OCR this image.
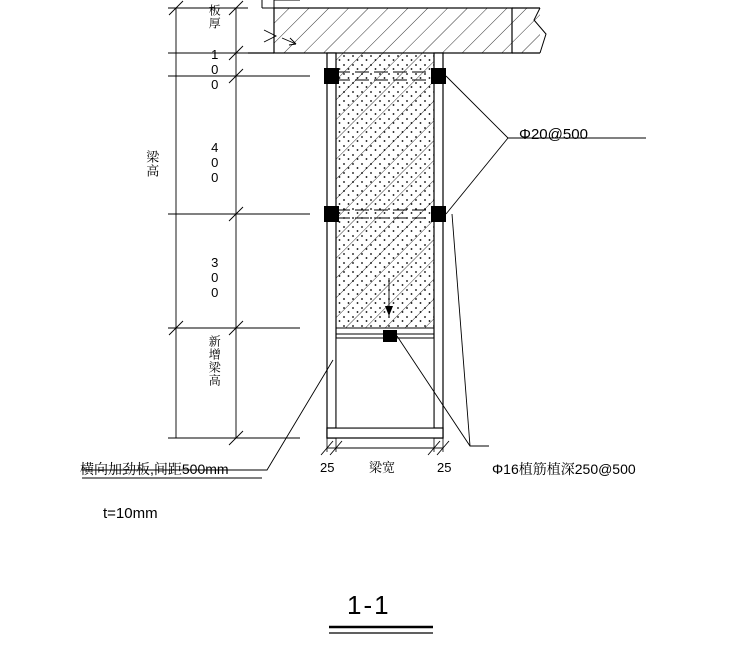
板厚
100
400
300
梁高
新增梁高
Φ20@500
Φ16植筋植深250@500
横向加劲板,间距500mm
t=10mm
25	梁宽	25
1-1
